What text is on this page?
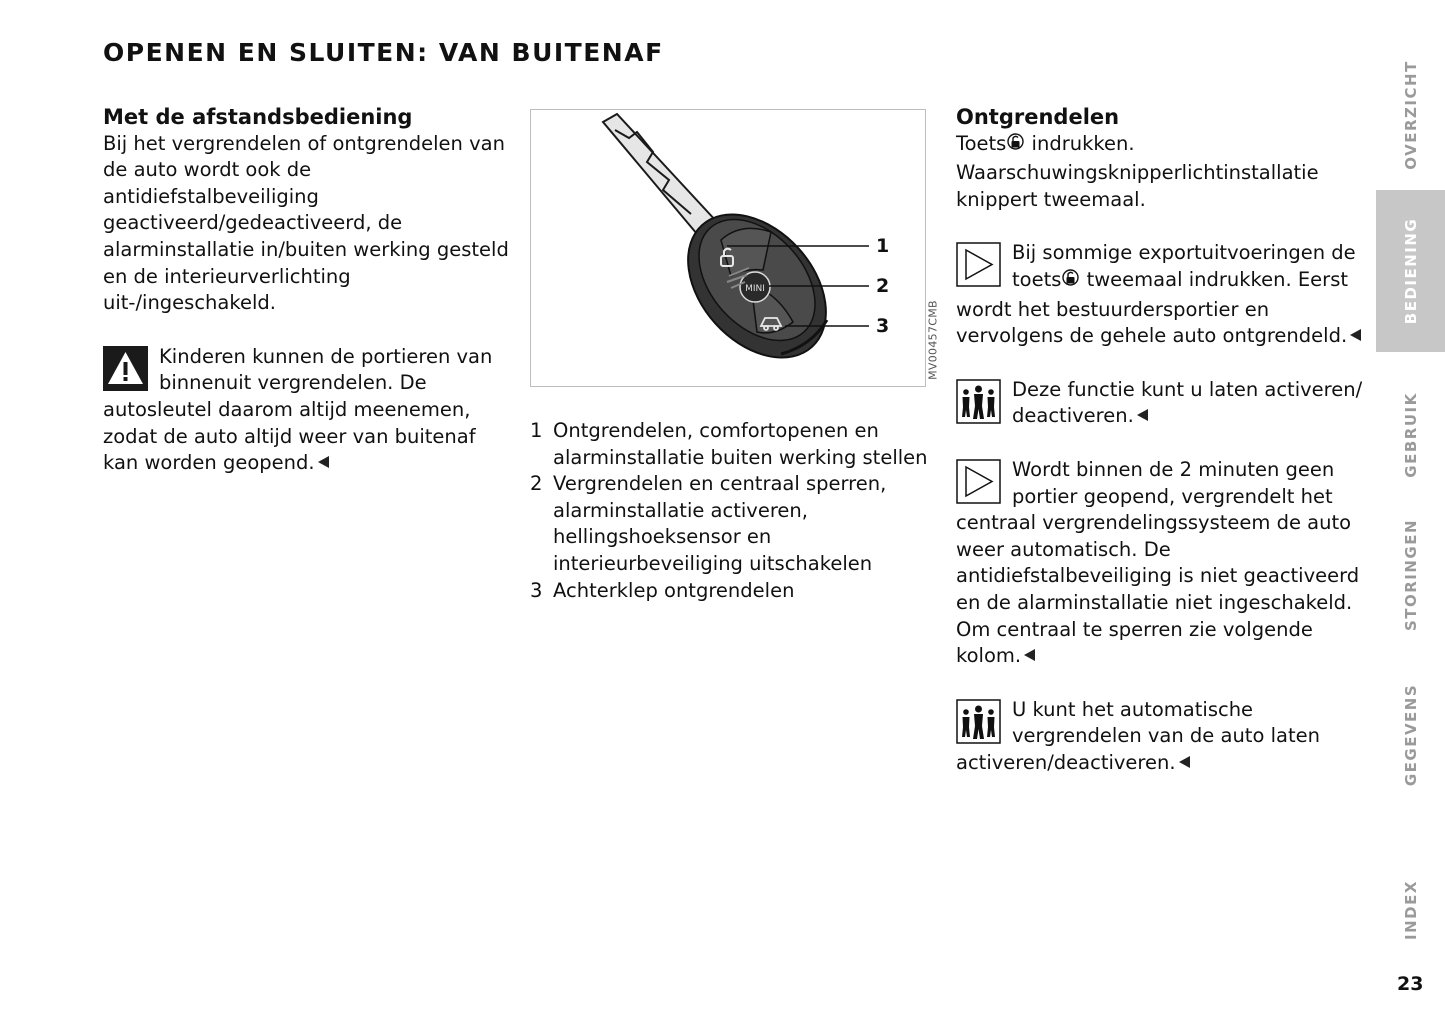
OPENEN EN SLUITEN: VAN BUITENAF

Met de afstandsbediening

Bij het vergrendelen of ontgrendelen van de auto wordt ook de antidiefstalbeveiliging geactiveerd/gedeactiveerd, de alarminstallatie in/buiten werking gesteld en de interieurverlichting uit-/ingeschakeld.

Kinderen kunnen de portieren van binnenuit vergrendelen. De autosleutel daarom altijd meenemen, zodat de auto altijd weer van buitenaf kan worden geopend.
MINI
1
2
3	MV00457CMB

1 Ontgrendelen, comfortopenen en alarminstallatie buiten werking stellen

2 Vergrendelen en centraal sperren, alarminstallatie activeren, hellingshoeksensor en interieurbeveiliging uitschakelen

3 Achterklep ontgrendelen

Ontgrendelen

Toets indrukken.

Waarschuwingsknipperlichtinstallatie knippert tweemaal.

Bij sommige exportuitvoeringen de toets tweemaal indrukken. Eerst wordt het bestuurdersportier en vervolgens de gehele auto ontgrendeld.
Deze functie kunt u laten activeren/ deactiveren.
Wordt binnen de 2 minuten geen portier geopend, vergrendelt het centraal vergrendelingssysteem de auto weer automatisch. De antidiefstalbeveiliging is niet geactiveerd en de alarminstallatie niet ingeschakeld. Om centraal te sperren zie volgende kolom.
U kunt het automatische vergrendelen van de auto laten activeren/deactiveren.
OVERZICHT
BEDIENING
GEBRUIK
STORINGEN
GEGEVENS
INDEX
23
